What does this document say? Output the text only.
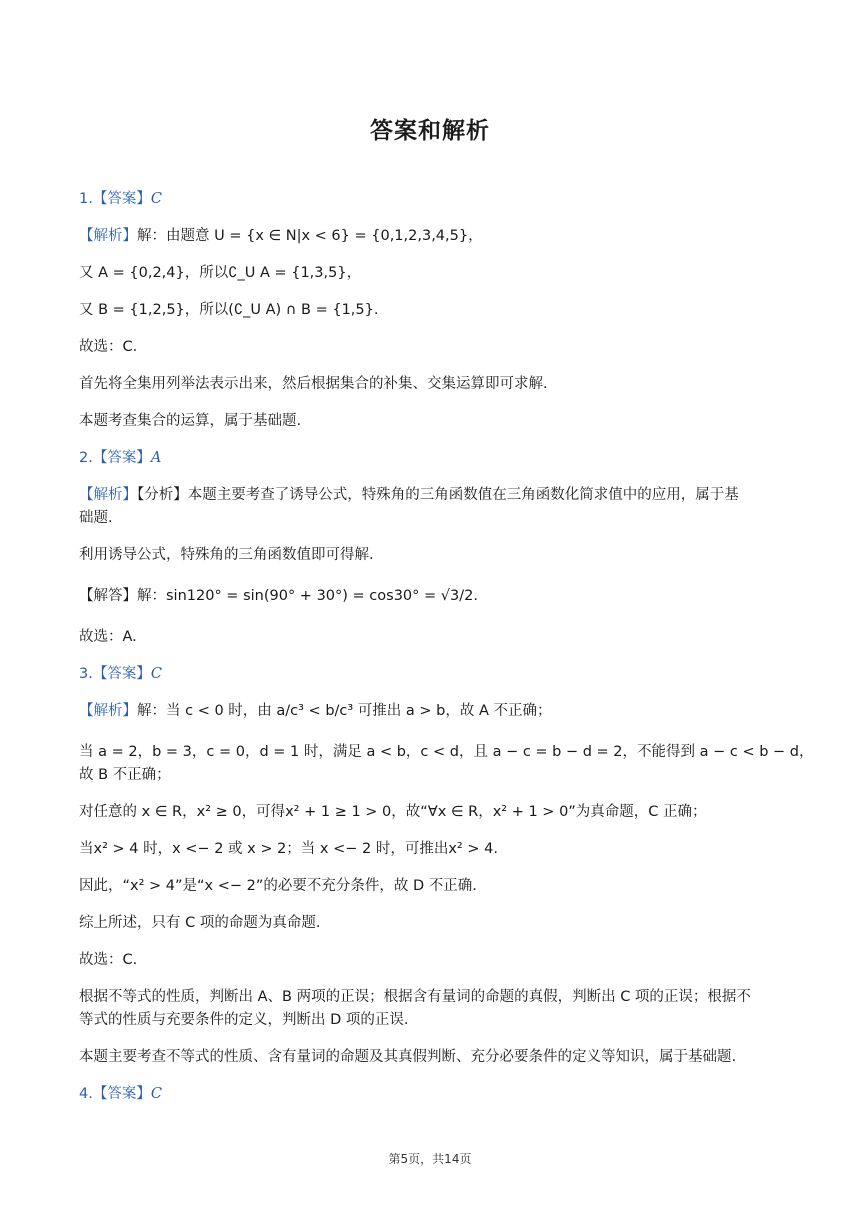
答案和解析
1.【答案】C
【解析】解：由题意 U = {x ∈ N|x < 6} = {0,1,2,3,4,5}，
又 A = {0,2,4}，所以∁_U A = {1,3,5}，
又 B = {1,2,5}，所以(∁_U A) ∩ B = {1,5}.
故选：C.
首先将全集用列举法表示出来，然后根据集合的补集、交集运算即可求解.
本题考查集合的运算，属于基础题.
2.【答案】A
【解析】【分析】本题主要考查了诱导公式，特殊角的三角函数值在三角函数化简求值中的应用，属于基
础题.
利用诱导公式，特殊角的三角函数值即可得解.
【解答】解：sin120° = sin(90° + 30°) = cos30° = √3/2.
故选：A.
3.【答案】C
【解析】解：当 c < 0 时，由 a/c³ < b/c³ 可推出 a > b，故 A 不正确；
当 a = 2，b = 3，c = 0，d = 1 时，满足 a < b，c < d，且 a − c = b − d = 2，不能得到 a − c < b − d，
故 B 不正确；
对任意的 x ∈ R，x² ≥ 0，可得x² + 1 ≥ 1 > 0，故“∀x ∈ R，x² + 1 > 0”为真命题，C 正确；
当x² > 4 时，x <− 2 或 x > 2；当 x <− 2 时，可推出x² > 4.
因此，“x² > 4”是“x <− 2”的必要不充分条件，故 D 不正确.
综上所述，只有 C 项的命题为真命题.
故选：C.
根据不等式的性质，判断出 A、B 两项的正误；根据含有量词的命题的真假，判断出 C 项的正误；根据不
等式的性质与充要条件的定义，判断出 D 项的正误.
本题主要考查不等式的性质、含有量词的命题及其真假判断、充分必要条件的定义等知识，属于基础题.
4.【答案】C
第5页，共14页
